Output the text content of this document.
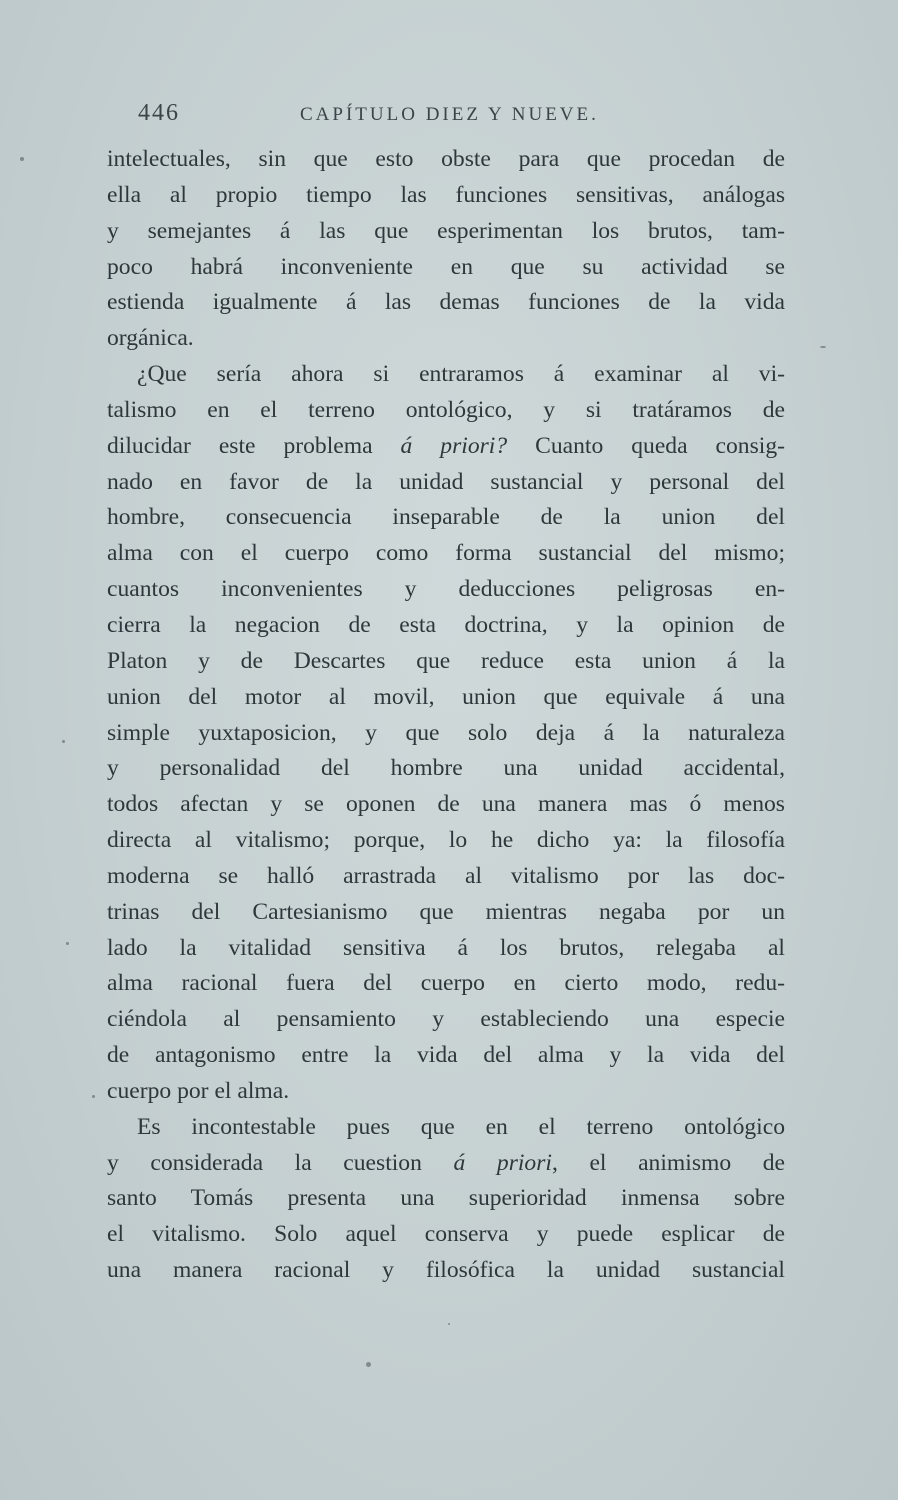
446	CAPÍTULO DIEZ Y NUEVE.

intelectuales, sin que esto obste para que procedan de
ella al propio tiempo las funciones sensitivas, análogas
y semejantes á las que esperimentan los brutos, tam-
poco habrá inconveniente en que su actividad se
estienda igualmente á las demas funciones de la vida
orgánica.

¿Que sería ahora si entraramos á examinar al vi-
talismo en el terreno ontológico, y si tratáramos de
dilucidar este problema á priori? Cuanto queda consig-
nado en favor de la unidad sustancial y personal del
hombre, consecuencia inseparable de la union del
alma con el cuerpo como forma sustancial del mismo;
cuantos inconvenientes y deducciones peligrosas en-
cierra la negacion de esta doctrina, y la opinion de
Platon y de Descartes que reduce esta union á la
union del motor al movil, union que equivale á una
simple yuxtaposicion, y que solo deja á la naturaleza
y personalidad del hombre una unidad accidental,
todos afectan y se oponen de una manera mas ó menos
directa al vitalismo; porque, lo he dicho ya: la filosofía
moderna se halló arrastrada al vitalismo por las doc-
trinas del Cartesianismo que mientras negaba por un
lado la vitalidad sensitiva á los brutos, relegaba al
alma racional fuera del cuerpo en cierto modo, redu-
ciéndola al pensamiento y estableciendo una especie
de antagonismo entre la vida del alma y la vida del
cuerpo por el alma.

Es incontestable pues que en el terreno ontológico
y considerada la cuestion á priori, el animismo de
santo Tomás presenta una superioridad inmensa sobre
el vitalismo. Solo aquel conserva y puede esplicar de
una manera racional y filosófica la unidad sustancial
